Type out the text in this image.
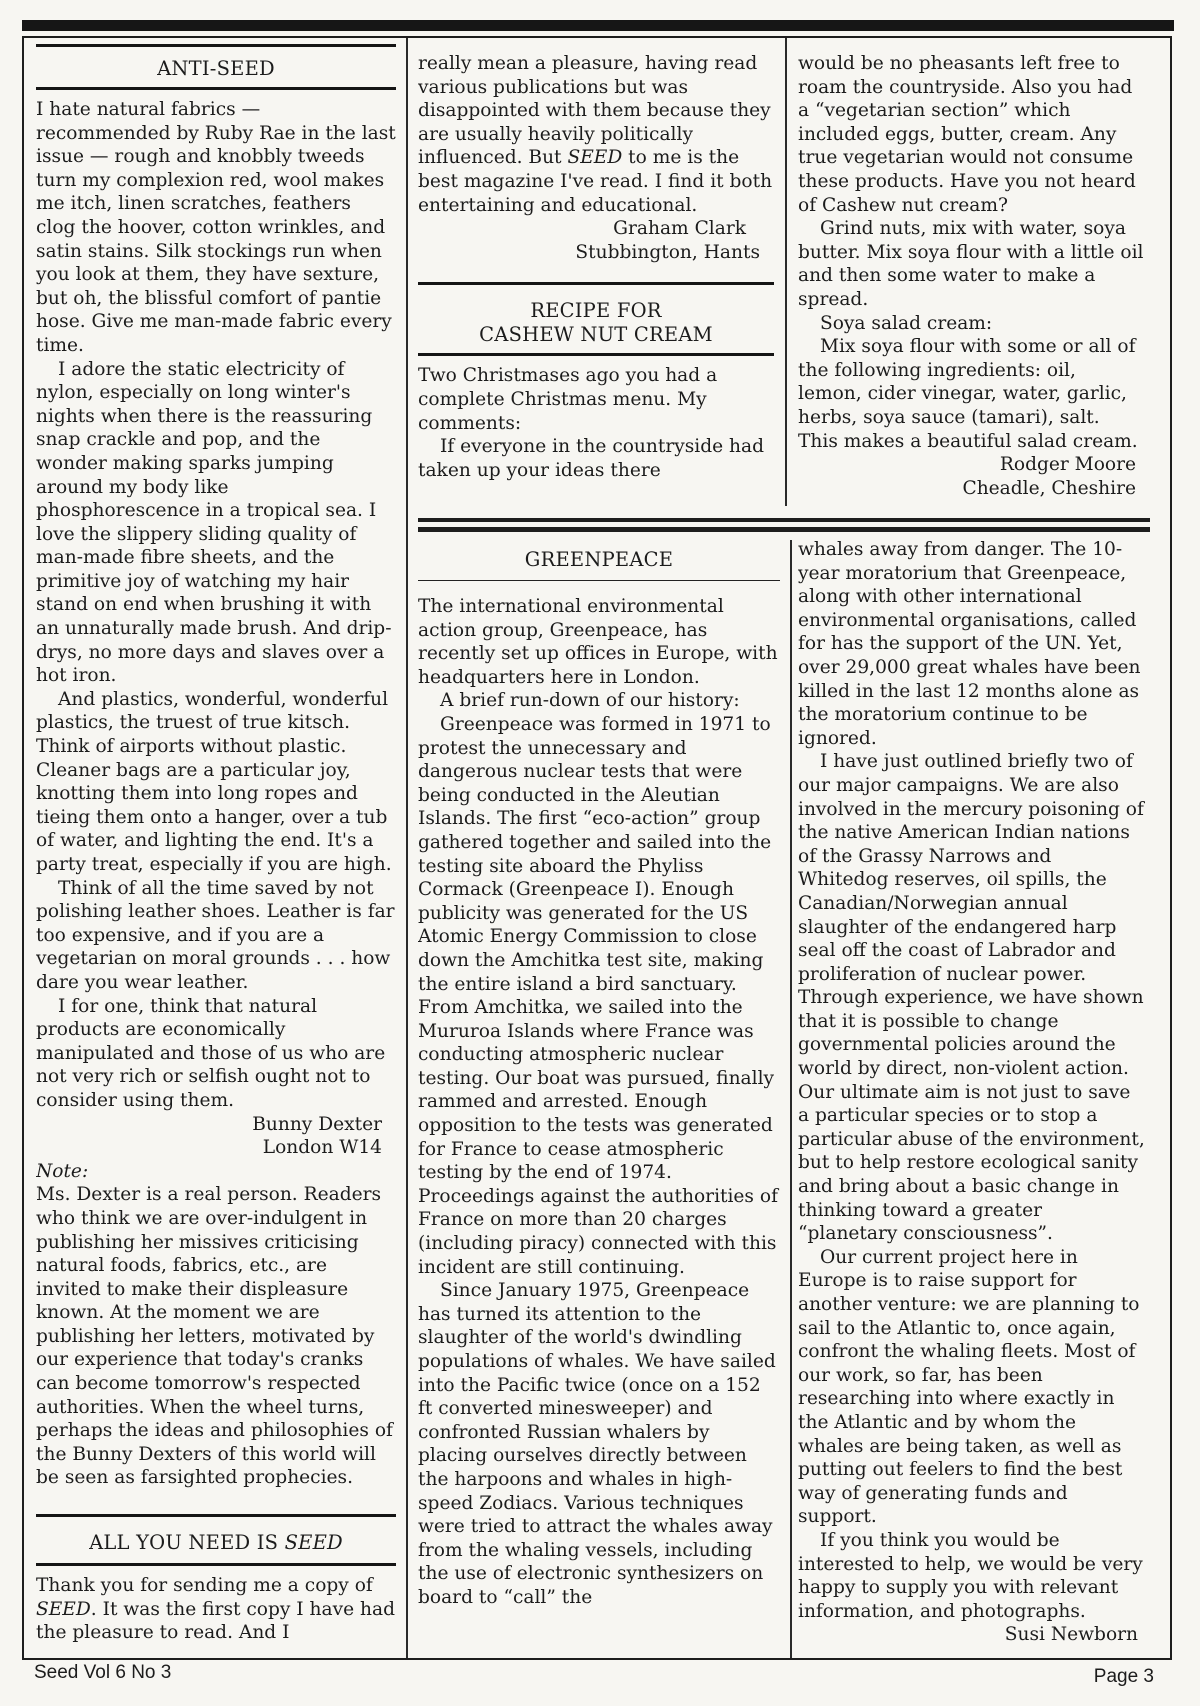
ANTI-SEED

I hate natural fabrics — recommended by Ruby Rae in the last issue — rough and knobbly tweeds turn my complexion red, wool makes me itch, linen scratches, feathers clog the hoover, cotton wrinkles, and satin stains. Silk stockings run when you look at them, they have sexture, but oh, the blissful comfort of pantie hose. Give me man-made fabric every time.

I adore the static electricity of nylon, especially on long winter's nights when there is the reassuring snap crackle and pop, and the wonder making sparks jumping around my body like phosphorescence in a tropical sea. I love the slippery sliding quality of man-made fibre sheets, and the primitive joy of watching my hair stand on end when brushing it with an unnaturally made brush. And drip-drys, no more days and slaves over a hot iron.

And plastics, wonderful, wonderful plastics, the truest of true kitsch. Think of airports without plastic. Cleaner bags are a particular joy, knotting them into long ropes and tieing them onto a hanger, over a tub of water, and lighting the end. It's a party treat, especially if you are high.

Think of all the time saved by not polishing leather shoes. Leather is far too expensive, and if you are a vegetarian on moral grounds . . . how dare you wear leather.

I for one, think that natural products are economically manipulated and those of us who are not very rich or selfish ought not to consider using them.

Bunny Dexter

London W14

Note:

Ms. Dexter is a real person. Readers who think we are over-indulgent in publishing her missives criticising natural foods, fabrics, etc., are invited to make their displeasure known. At the moment we are publishing her letters, motivated by our experience that today's cranks can become tomorrow's respected authorities. When the wheel turns, perhaps the ideas and philosophies of the Bunny Dexters of this world will be seen as farsighted prophecies.

ALL YOU NEED IS SEED

Thank you for sending me a copy of SEED. It was the first copy I have had the pleasure to read. And I

really mean a pleasure, having read various publications but was disappointed with them because they are usually heavily politically influenced. But SEED to me is the best magazine I've read. I find it both entertaining and educational.

Graham Clark

Stubbington, Hants

RECIPE FOR
CASHEW NUT CREAM

Two Christmases ago you had a complete Christmas menu. My comments:

If everyone in the countryside had taken up your ideas there

would be no pheasants left free to roam the countryside. Also you had a “vegetarian section” which included eggs, butter, cream. Any true vegetarian would not consume these products. Have you not heard of Cashew nut cream?

Grind nuts, mix with water, soya butter. Mix soya flour with a little oil and then some water to make a spread.

Soya salad cream:

Mix soya flour with some or all of the following ingredients: oil, lemon, cider vinegar, water, garlic, herbs, soya sauce (tamari), salt. This makes a beautiful salad cream.

Rodger Moore

Cheadle, Cheshire

GREENPEACE

The international environmental action group, Greenpeace, has recently set up offices in Europe, with headquarters here in London.

A brief run-down of our history:

Greenpeace was formed in 1971 to protest the unnecessary and dangerous nuclear tests that were being conducted in the Aleutian Islands. The first “eco-action” group gathered together and sailed into the testing site aboard the Phyliss Cormack (Greenpeace I). Enough publicity was generated for the US Atomic Energy Commission to close down the Amchitka test site, making the entire island a bird sanctuary. From Amchitka, we sailed into the Mururoa Islands where France was conducting atmospheric nuclear testing. Our boat was pursued, finally rammed and arrested. Enough opposition to the tests was generated for France to cease atmospheric testing by the end of 1974. Proceedings against the authorities of France on more than 20 charges (including piracy) connected with this incident are still continuing.

Since January 1975, Greenpeace has turned its attention to the slaughter of the world's dwindling populations of whales. We have sailed into the Pacific twice (once on a 152 ft converted minesweeper) and confronted Russian whalers by placing ourselves directly between the harpoons and whales in high-speed Zodiacs. Various techniques were tried to attract the whales away from the whaling vessels, including the use of electronic synthesizers on board to “call” the

whales away from danger. The 10-year moratorium that Greenpeace, along with other international environmental organisations, called for has the support of the UN. Yet, over 29,000 great whales have been killed in the last 12 months alone as the moratorium continue to be ignored.

I have just outlined briefly two of our major campaigns. We are also involved in the mercury poisoning of the native American Indian nations of the Grassy Narrows and Whitedog reserves, oil spills, the Canadian/Norwegian annual slaughter of the endangered harp seal off the coast of Labrador and proliferation of nuclear power. Through experience, we have shown that it is possible to change governmental policies around the world by direct, non-violent action. Our ultimate aim is not just to save a particular species or to stop a particular abuse of the environment, but to help restore ecological sanity and bring about a basic change in thinking toward a greater “planetary consciousness”.

Our current project here in Europe is to raise support for another venture: we are planning to sail to the Atlantic to, once again, confront the whaling fleets. Most of our work, so far, has been researching into where exactly in the Atlantic and by whom the whales are being taken, as well as putting out feelers to find the best way of generating funds and support.

If you think you would be interested to help, we would be very happy to supply you with relevant information, and photographs.
Susi Newborn

Seed Vol 6 No 3	Page 3
